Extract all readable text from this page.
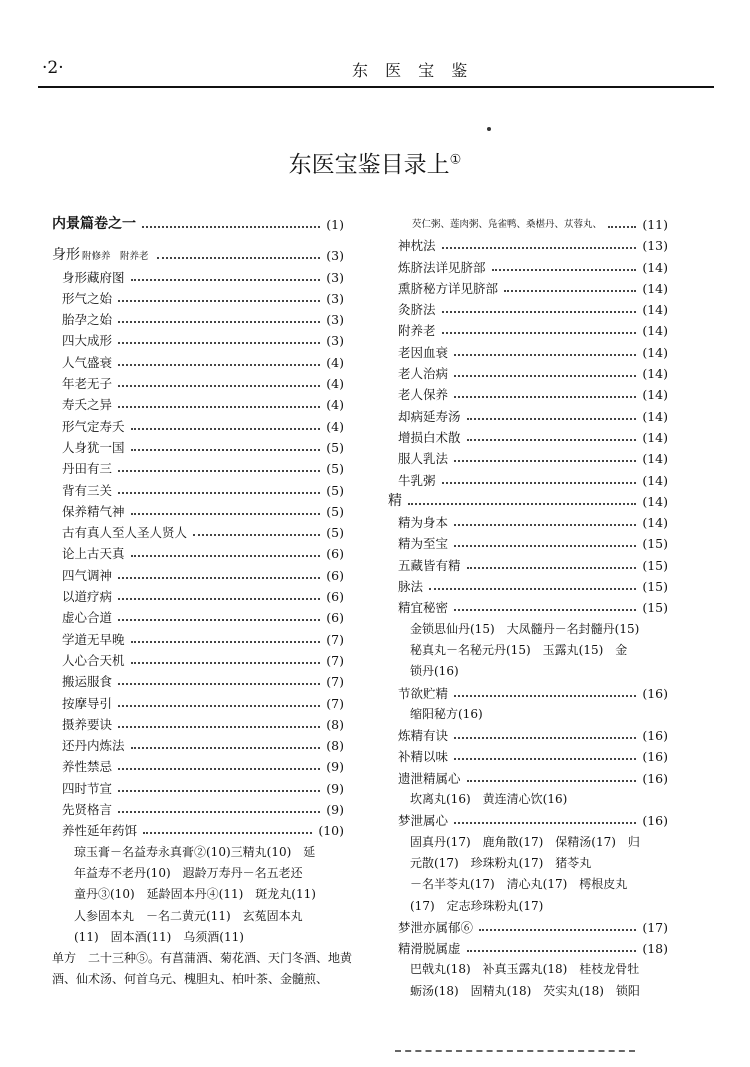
·2·	东 医 宝 鉴
东医宝鉴目录上①
内景篇卷之一	(1)
身形 附修养　附养老	(3)
身形藏府图	(3)
形气之始	(3)
胎孕之始	(3)
四大成形	(3)
人气盛衰	(4)
年老无子	(4)
寿夭之异	(4)
形气定寿夭	(4)
人身犹一国	(5)
丹田有三	(5)
背有三关	(5)
保养精气神	(5)
古有真人至人圣人贤人	(5)
论上古天真	(6)
四气调神	(6)
以道疗病	(6)
虚心合道	(6)
学道无早晚	(7)
人心合天机	(7)
搬运服食	(7)
按摩导引	(7)
摄养要诀	(8)
还丹内炼法	(8)
养性禁忌	(9)
四时节宣	(9)
先贤格言	(9)
养性延年药饵	(10)
琼玉膏－名益寿永真膏②(10)三精丸(10)　延
年益寿不老丹(10)　遐龄万寿丹－名五老还
童丹③(10)　延龄固本丹④(11)　斑龙丸(11)
人参固本丸　－名二黄元(11)　玄菟固本丸
(11)　固本酒(11)　乌须酒(11)
单方　二十三种⑤。有菖蒲酒、菊花酒、天门冬酒、地黄
酒、仙术汤、何首乌元、槐胆丸、柏叶茶、金髓煎、
芡仁粥、莲肉粥、凫雀鸭、桑椹丹、苁蓉丸、	(11)
神枕法	(13)
炼脐法详见脐部	(14)
熏脐秘方详见脐部	(14)
灸脐法	(14)
附养老	(14)
老因血衰	(14)
老人治病	(14)
老人保养	(14)
却病延寿汤	(14)
增损白术散	(14)
服人乳法	(14)
牛乳粥	(14)
精	(14)
精为身本	(14)
精为至宝	(15)
五藏皆有精	(15)
脉法	(15)
精宜秘密	(15)
金锁思仙丹(15)　大凤髓丹－名封髓丹(15)
秘真丸－名秘元丹(15)　玉露丸(15)　金
锁丹(16)
节欲贮精	(16)
缩阳秘方(16)
炼精有诀	(16)
补精以味	(16)
遗泄精属心	(16)
坎离丸(16)　黄连清心饮(16)
梦泄属心	(16)
固真丹(17)　鹿角散(17)　保精汤(17)　归
元散(17)　珍珠粉丸(17)　猪苓丸
－名半苓丸(17)　清心丸(17)　樗根皮丸
(17)　定志珍珠粉丸(17)
梦泄亦属郁⑥	(17)
精滑脱属虚	(18)
巴戟丸(18)　补真玉露丸(18)　桂枝龙骨牡
蛎汤(18)　固精丸(18)　芡实丸(18)　锁阳
